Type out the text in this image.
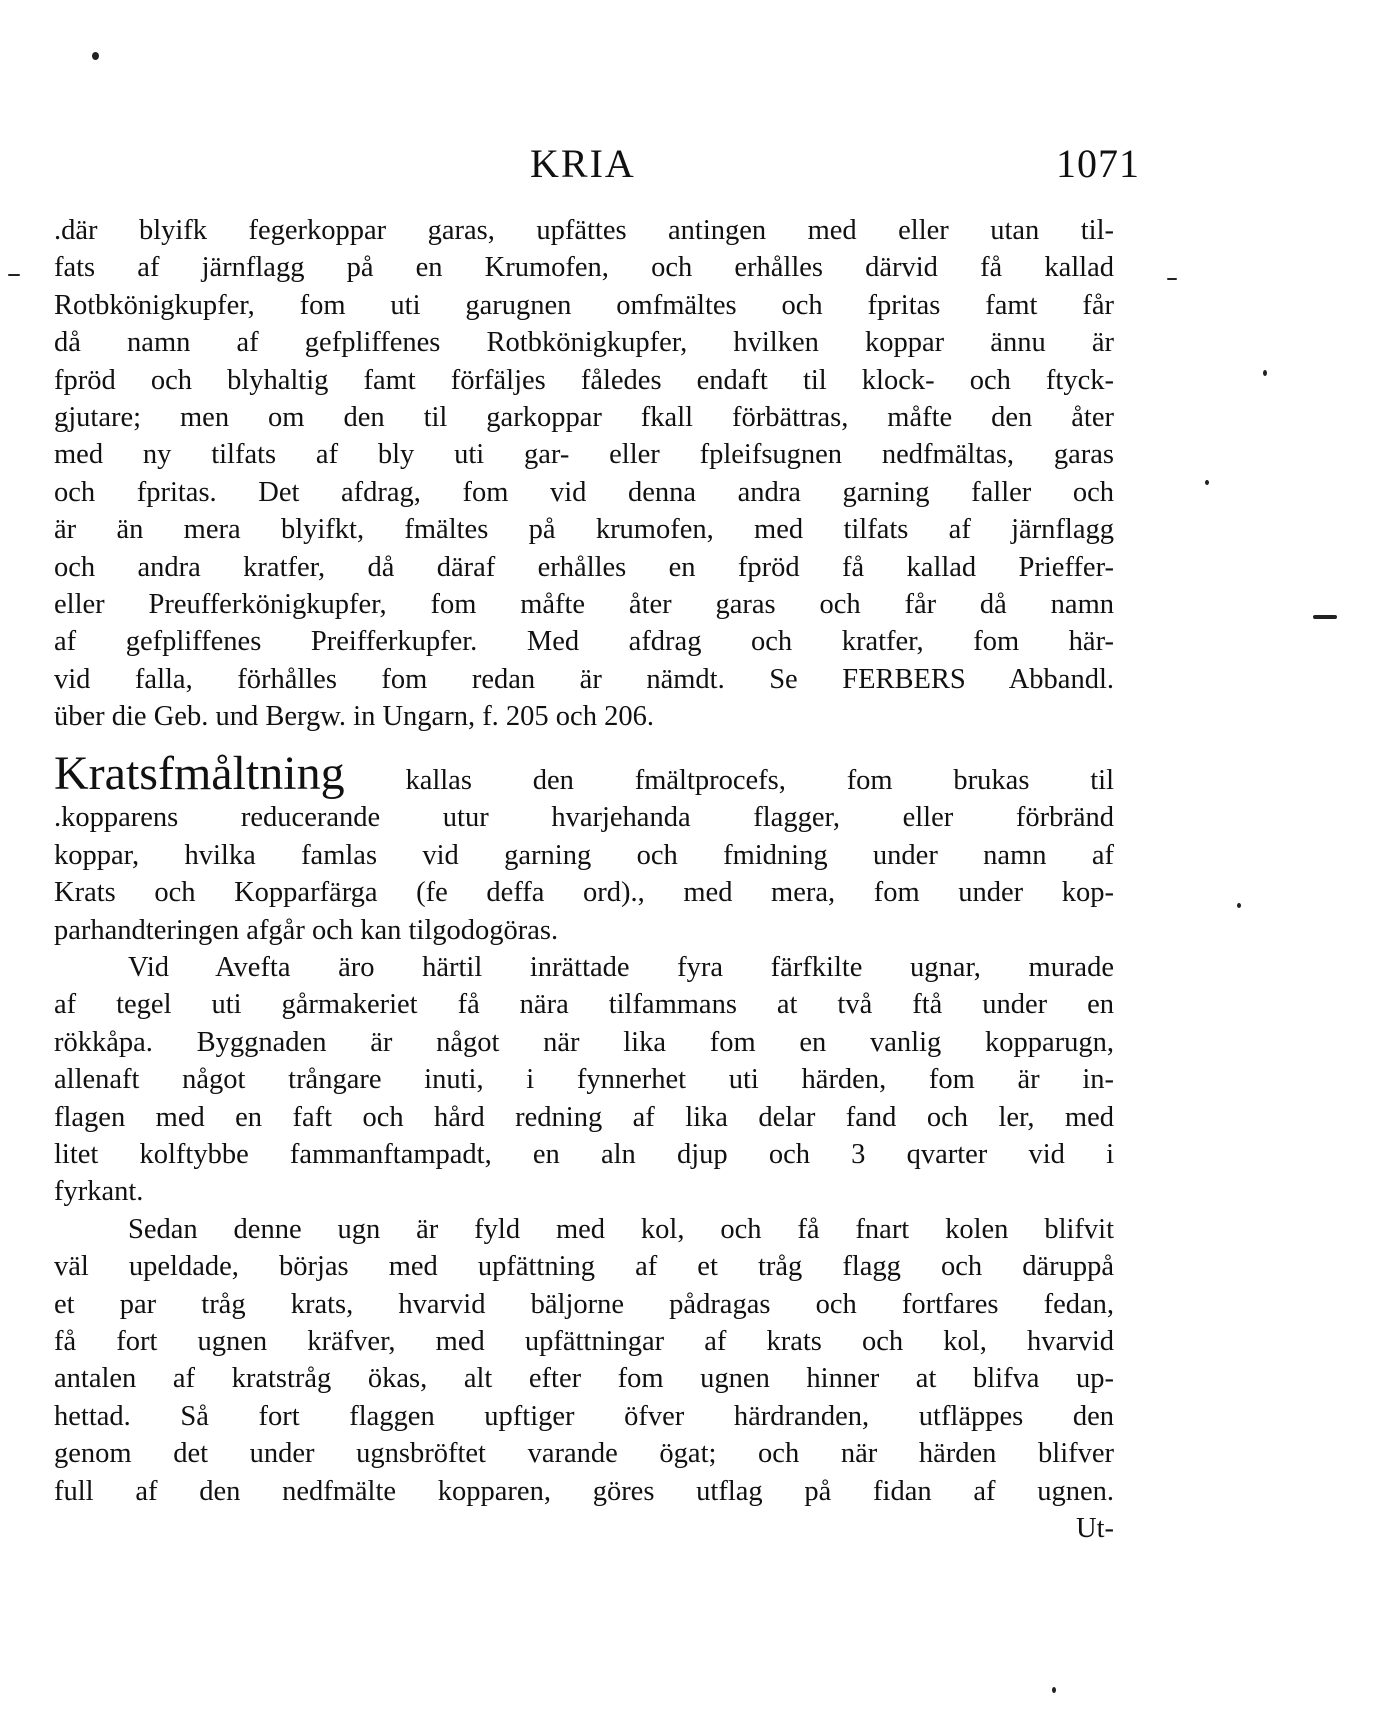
KRIA	1071
.där blyifk fegerkoppar garas, upfättes antingen med eller utan til-
fats af järnflagg på en Krumofen, och erhålles därvid få kallad
Rotbkönigkupfer, fom uti garugnen omfmältes och fpritas famt får
då namn af gefpliffenes Rotbkönigkupfer, hvilken koppar ännu är
fpröd och blyhaltig famt förfäljes fåledes endaft til klock- och ftyck-
gjutare; men om den til garkoppar fkall förbättras, måfte den åter
med ny tilfats af bly uti gar- eller fpleifsugnen nedfmältas, garas
och fpritas. Det afdrag, fom vid denna andra garning faller och
är än mera blyifkt, fmältes på krumofen, med tilfats af järnflagg
och andra kratfer, då däraf erhålles en fpröd få kallad Prieffer-
eller Preufferkönigkupfer, fom måfte åter garas och får då namn
af gefpliffenes Preifferkupfer. Med afdrag och kratfer, fom här-
vid falla, förhålles fom redan är nämdt. Se FERBERS Abbandl.
über die Geb. und Bergw. in Ungarn, f. 205 och 206.
Kratsfmåltning kallas den fmältprocefs, fom brukas til
.kopparens reducerande utur hvarjehanda flagger, eller förbränd
koppar, hvilka famlas vid garning och fmidning under namn af
Krats och Kopparfärga (fe deffa ord)., med mera, fom under kop-
parhandteringen afgår och kan tilgodogöras.
Vid Avefta äro härtil inrättade fyra färfkilte ugnar, murade
af tegel uti gårmakeriet få nära tilfammans at två ftå under en
rökkåpa. Byggnaden är något när lika fom en vanlig kopparugn,
allenaft något trångare inuti, i fynnerhet uti härden, fom är in-
flagen med en faft och hård redning af lika delar fand och ler, med
litet kolftybbe fammanftampadt, en aln djup och 3 qvarter vid i
fyrkant.
Sedan denne ugn är fyld med kol, och få fnart kolen blifvit
väl upeldade, börjas med upfättning af et tråg flagg och däruppå
et par tråg krats, hvarvid bäljorne pådragas och fortfares fedan,
få fort ugnen kräfver, med upfättningar af krats och kol, hvarvid
antalen af kratstråg ökas, alt efter fom ugnen hinner at blifva up-
hettad. Så fort flaggen upftiger öfver härdranden, utfläppes den
genom det under ugnsbröftet varande ögat; och när härden blifver
full af den nedfmälte kopparen, göres utflag på fidan af ugnen.
Ut-
